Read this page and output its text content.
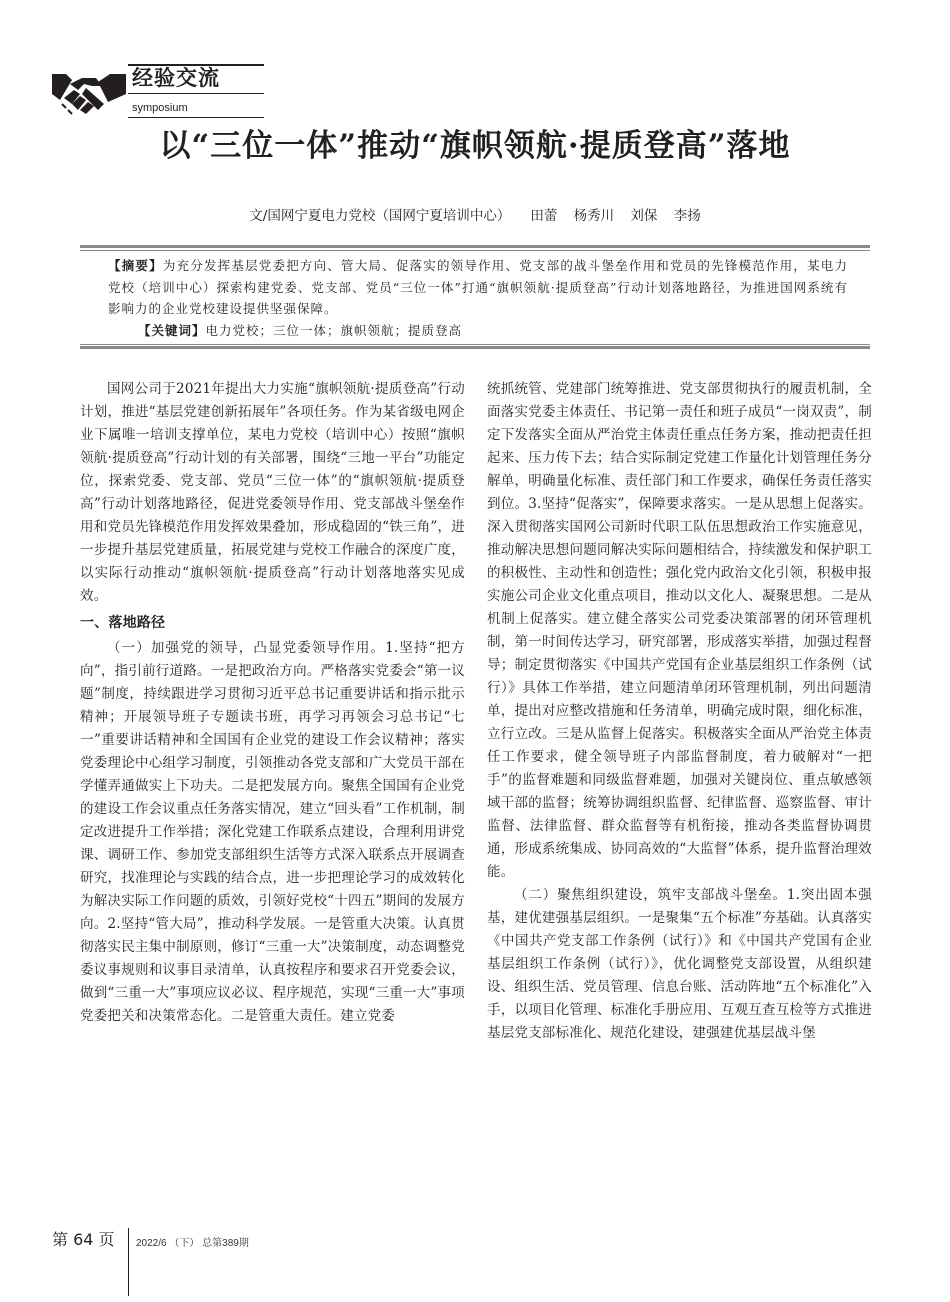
经验交流
symposium
以“三位一体”推动“旗帜领航·提质登高”落地
文/国网宁夏电力党校（国网宁夏培训中心） 田蕾 杨秀川 刘保 李扬

【摘要】为充分发挥基层党委把方向、管大局、促落实的领导作用、党支部的战斗堡垒作用和党员的先锋模范作用，某电力党校（培训中心）探索构建党委、党支部、党员“三位一体”打通“旗帜领航·提质登高”行动计划落地路径，为推进国网系统有影响力的企业党校建设提供坚强保障。

【关键词】电力党校；三位一体；旗帜领航；提质登高

国网公司于2021年提出大力实施“旗帜领航·提质登高”行动计划，推进“基层党建创新拓展年”各项任务。作为某省级电网企业下属唯一培训支撑单位，某电力党校（培训中心）按照“旗帜领航·提质登高”行动计划的有关部署，围绕“三地一平台”功能定位，探索党委、党支部、党员“三位一体”的“旗帜领航·提质登高”行动计划落地路径，促进党委领导作用、党支部战斗堡垒作用和党员先锋模范作用发挥效果叠加，形成稳固的“铁三角”，进一步提升基层党建质量，拓展党建与党校工作融合的深度广度，以实际行动推动“旗帜领航·提质登高”行动计划落地落实见成效。

一、落地路径

（一）加强党的领导，凸显党委领导作用。1.坚持“把方向”，指引前行道路。一是把政治方向。严格落实党委会“第一议题”制度，持续跟进学习贯彻习近平总书记重要讲话和指示批示精神；开展领导班子专题读书班，再学习再领会习总书记“七一”重要讲话精神和全国国有企业党的建设工作会议精神；落实党委理论中心组学习制度，引领推动各党支部和广大党员干部在学懂弄通做实上下功夫。二是把发展方向。聚焦全国国有企业党的建设工作会议重点任务落实情况，建立“回头看”工作机制，制定改进提升工作举措；深化党建工作联系点建设，合理利用讲党课、调研工作、参加党支部组织生活等方式深入联系点开展调查研究，找准理论与实践的结合点，进一步把理论学习的成效转化为解决实际工作问题的质效，引领好党校“十四五”期间的发展方向。2.坚持“管大局”，推动科学发展。一是管重大决策。认真贯彻落实民主集中制原则，修订“三重一大”决策制度，动态调整党委议事规则和议事目录清单，认真按程序和要求召开党委会议，做到“三重一大”事项应议必议、程序规范，实现“三重一大”事项党委把关和决策常态化。二是管重大责任。建立党委

统抓统管、党建部门统筹推进、党支部贯彻执行的履责机制，全面落实党委主体责任、书记第一责任和班子成员“一岗双责”，制定下发落实全面从严治党主体责任重点任务方案，推动把责任担起来、压力传下去；结合实际制定党建工作量化计划管理任务分解单，明确量化标准、责任部门和工作要求，确保任务责任落实到位。3.坚持“促落实”，保障要求落实。一是从思想上促落实。深入贯彻落实国网公司新时代职工队伍思想政治工作实施意见，推动解决思想问题同解决实际问题相结合，持续激发和保护职工的积极性、主动性和创造性；强化党内政治文化引领，积极申报实施公司企业文化重点项目，推动以文化人、凝聚思想。二是从机制上促落实。建立健全落实公司党委决策部署的闭环管理机制，第一时间传达学习，研究部署，形成落实举措，加强过程督导；制定贯彻落实《中国共产党国有企业基层组织工作条例（试行）》具体工作举措，建立问题清单闭环管理机制，列出问题清单，提出对应整改措施和任务清单，明确完成时限，细化标准，立行立改。三是从监督上促落实。积极落实全面从严治党主体责任工作要求，健全领导班子内部监督制度，着力破解对“一把手”的监督难题和同级监督难题，加强对关键岗位、重点敏感领域干部的监督；统筹协调组织监督、纪律监督、巡察监督、审计监督、法律监督、群众监督等有机衔接，推动各类监督协调贯通，形成系统集成、协同高效的“大监督”体系，提升监督治理效能。

（二）聚焦组织建设，筑牢支部战斗堡垒。1.突出固本强基，建优建强基层组织。一是聚集“五个标准”夯基础。认真落实《中国共产党支部工作条例（试行）》和《中国共产党国有企业基层组织工作条例（试行）》，优化调整党支部设置，从组织建设、组织生活、党员管理、信息台账、活动阵地“五个标准化”入手，以项目化管理、标准化手册应用、互观互查互检等方式推进基层党支部标准化、规范化建设，建强建优基层战斗堡

第 64 页 2022/6 （下） 总第389期
